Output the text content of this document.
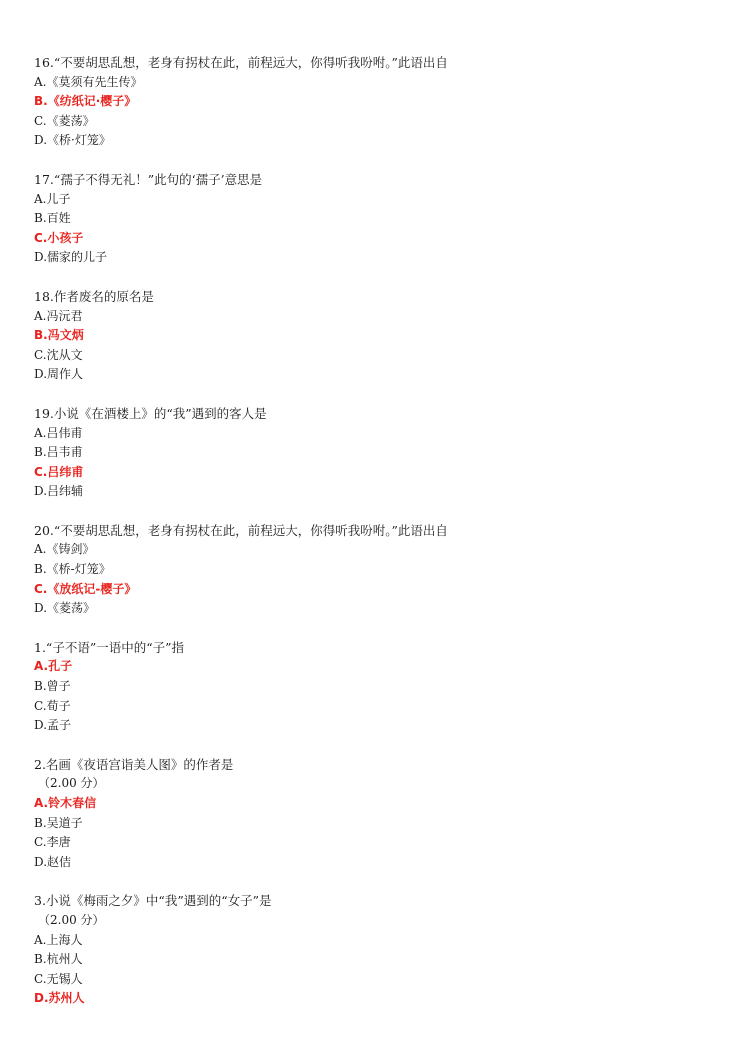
16.“不要胡思乱想，老身有拐杖在此，前程远大，你得听我吩咐。”此语出自
A.《莫须有先生传》
B.《纺纸记·樱子》
C.《菱荡》
D.《桥·灯笼》
17.“孺子不得无礼！”此句的‘孺子’意思是
A.儿子
B.百姓
C.小孩子
D.儒家的儿子
18.作者废名的原名是
A.冯沅君
B.冯文炳
C.沈从文
D.周作人
19.小说《在酒楼上》的“我”遇到的客人是
A.吕伟甫
B.吕韦甫
C.吕纬甫
D.吕纬辅
20.“不要胡思乱想，老身有拐杖在此，前程远大，你得听我吩咐。”此语出自
A.《铸剑》
B.《桥-灯笼》
C.《放纸记-樱子》
D.《菱荡》
1.“子不语”一语中的“子”指
A.孔子
B.曾子
C.荀子
D.孟子
2.名画《夜语宫诣美人图》的作者是
（2.00 分）
A.铃木春信
B.吴道子
C.李唐
D.赵佶
3.小说《梅雨之夕》中“我”遇到的“女子”是
（2.00 分）
A.上海人
B.杭州人
C.无锡人
D.苏州人
